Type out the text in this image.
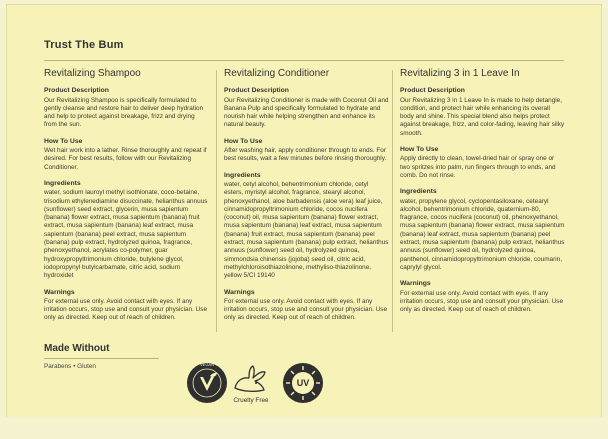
Trust The Bum
Revitalizing Shampoo
Product Description

Our Revitalizing Shampoo is specifically formulated to gently cleanse and restore hair to deliver deep hydration and help to protect against breakage, frizz and drying from the sun.

How To Use

Wet hair work into a lather. Rinse thoroughly and repeat if desired. For best results, follow with our Revitalizing Conditioner.

Ingredients

water, sodium lauroyl methyl isothionate, coco-betaine, trisodium ethylenediamine disuccinate, helianthus annuus (sunflower) seed extract, glycerin, musa sapientum (banana) flower extract, musa sapientum (banana) fruit extract, musa sapientum (banana) leaf extract, musa sapientum (banana) peel extract, musa sapientum (banana) pulp extract, hydrolyzed quinoa, fragrance, phenoxyethanol, acrylates co-polymer, guar hydroxypropyltrimonium chloride, butylene glycol, iodopropynyl butylcarbamate, citric acid, sodium hydroxidet

Warnings

For external use only. Avoid contact with eyes. If any irritation occurs, stop use and consult your physician. Use only as directed. Keep out of reach of children.

Revitalizing Conditioner
Product Description

Our Revitalizing Conditioner is made with Coconut Oil and Banana Pulp and specifically formulated to hydrate and nourish hair while helping strengthen and enhance its natural beauty.

How To Use

After washing hair, apply conditioner through to ends. For best results, wait a few minutes before rinsing thoroughly.

Ingredients

water, cetyl alcohol, behentrimonium chloride, cetyl esters, myristyl alcohol, fragrance, stearyl alcohol, phenoxyethanol, aloe barbadensis (aloe vera) leaf juice, cinnamidopropyltrimonium chloride, cocos nucifera (coconut) oil, musa sapientum (banana) flower extract, musa sapientum (banana) leaf extract, musa sapientum (banana) fruit extract, musa sapientum (banana) peel extract, musa sapientum (banana) pulp extract, helianthus annuus (sunflower) seed oil, hydrolyzed quinoa, simmondsia chinensis (jojoba) seed oil, citric acid, methylchloroisothiazolinone, methyliso-thiazolinone, yellow 5/CI 19140

Warnings

For external use only. Avoid contact with eyes. If any irritation occurs, stop use and consult your physician. Use only as directed. Keep out of reach of children.

Revitalizing 3 in 1 Leave In
Product Description

Our Revitalizing 3 in 1 Leave In is made to help detangle, condition, and protect hair while enhancing its overall body and shine. This special blend also helps protect against breakage, frizz, and color-fading, leaving hair silky smooth.

How To Use

Apply directly to clean, towel-dried hair or spray one or two spritzes into palm, run fingers through to ends, and comb. Do not rinse.

Ingredients

water, propylene glycol, cyclopentasiloxane, cetearyl alcohol, behentrimonium chloride, quaternium-80, fragrance, cocos nucifera (coconut) oil, phenoxyethanol, musa sapientum (banana) flower extract, musa sapientum (banana) leaf extract, musa sapientum (banana) peel extract, musa sapientum (banana) pulp extract, helianthus annuus (sunflower) seed oil, hydrolyzed quinoa, panthenol, cinnamidopropyltrimonium chloride, coumarin, caprylyl glycol.

Warnings

For external use only. Avoid contact with eyes. If any irritation occurs, stop use and consult your physician. Use only as directed. Keep out of reach of children.

Made Without
Parabens • Gluten	VEGAN
Cruelty Free
UV
